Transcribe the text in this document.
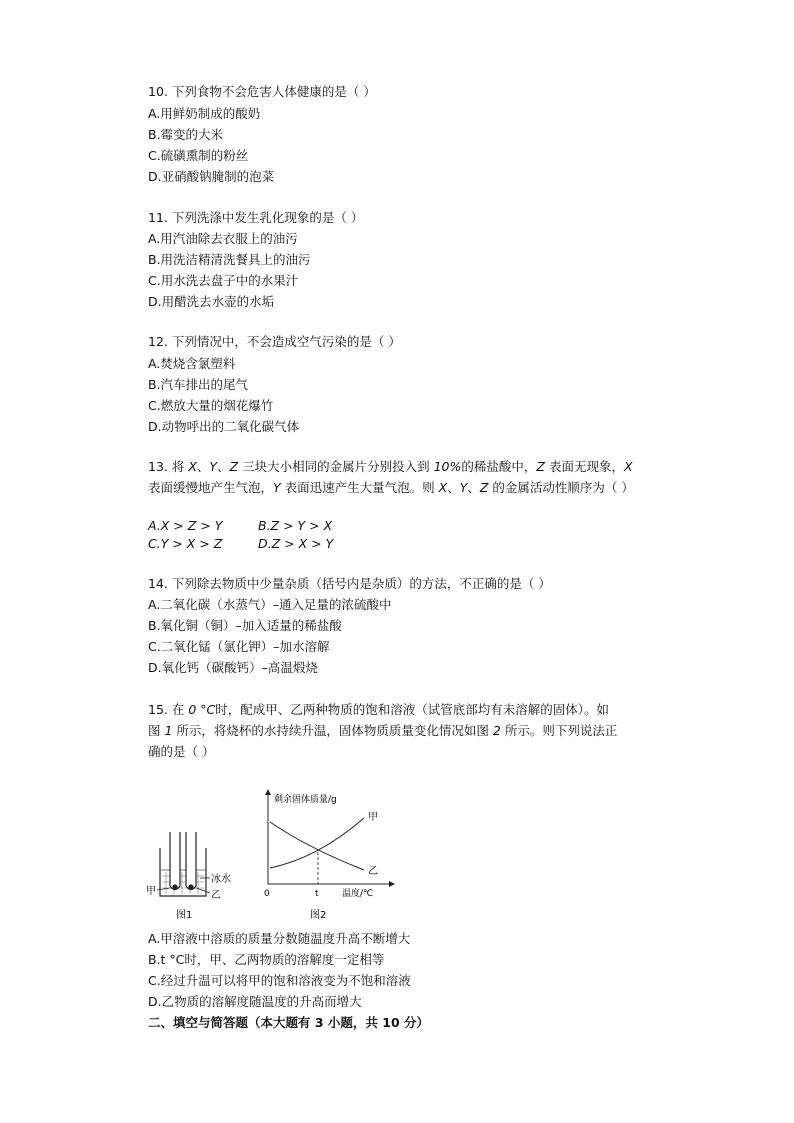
10. 下列食物不会危害人体健康的是（ ）
A.用鲜奶制成的酸奶
B.霉变的大米
C.硫磺熏制的粉丝
D.亚硝酸钠腌制的泡菜
11. 下列洗涤中发生乳化现象的是（ ）
A.用汽油除去衣服上的油污
B.用洗洁精清洗餐具上的油污
C.用水洗去盘子中的水果汁
D.用醋洗去水壶的水垢
12. 下列情况中，不会造成空气污染的是（ ）
A.焚烧含氯塑料
B.汽车排出的尾气
C.燃放大量的烟花爆竹
D.动物呼出的二氧化碳气体
13. 将 X、Y、Z 三块大小相同的金属片分别投入到 10%的稀盐酸中，Z 表面无现象，X
表面缓慢地产生气泡，Y 表面迅速产生大量气泡。则 X、Y、Z 的金属活动性顺序为（ ）
A.X > Z > Y	B.Z > Y > X
C.Y > X > Z	D.Z > X > Y
14. 下列除去物质中少量杂质（括号内是杂质）的方法，不正确的是（ ）
A.二氧化碳（水蒸气）–通入足量的浓硫酸中
B.氧化铜（铜）–加入适量的稀盐酸
C.二氧化锰（氯化钾）–加水溶解
D.氧化钙（碳酸钙）–高温煅烧
15. 在 0 °C时，配成甲、乙两种物质的饱和溶液（试管底部均有未溶解的固体）。如
图 1 所示，将烧杯的水持续升温，固体物质质量变化情况如图 2 所示。则下列说法正
确的是（ ）
冰水
甲	乙
图1
剩余固体质量/g
0	t	温度/℃
甲
乙
图2
A.甲溶液中溶质的质量分数随温度升高不断增大
B.t °C时，甲、乙两物质的溶解度一定相等
C.经过升温可以将甲的饱和溶液变为不饱和溶液
D.乙物质的溶解度随温度的升高而增大
二、填空与简答题（本大题有 3 小题，共 10 分）
